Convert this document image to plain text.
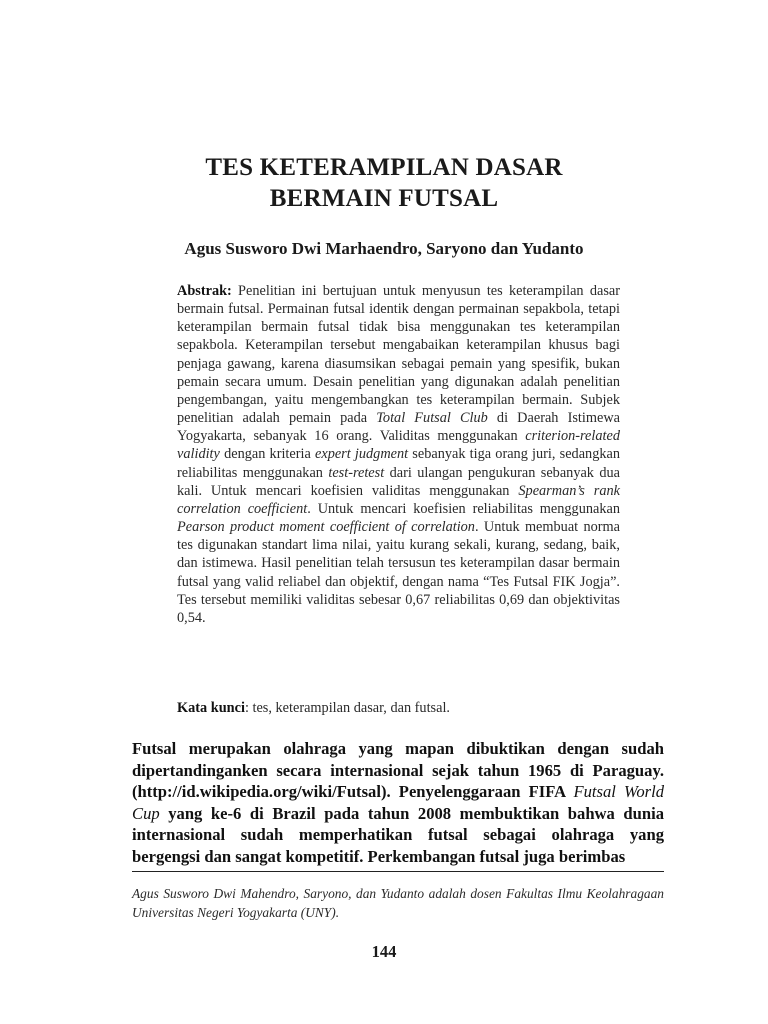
TES KETERAMPILAN DASAR
BERMAIN FUTSAL
Agus Susworo Dwi Marhaendro, Saryono dan Yudanto
Abstrak: Penelitian ini bertujuan untuk menyusun tes keterampilan dasar bermain futsal. Permainan futsal identik dengan permainan sepakbola, tetapi keterampilan bermain futsal tidak bisa menggunakan tes keterampilan sepakbola. Keterampilan tersebut mengabaikan keterampilan khusus bagi penjaga gawang, karena diasumsikan sebagai pemain yang spesifik, bukan pemain secara umum. Desain penelitian yang digunakan adalah penelitian pengembangan, yaitu mengembangkan tes keterampilan bermain. Subjek penelitian adalah pemain pada Total Futsal Club di Daerah Istimewa Yogyakarta, sebanyak 16 orang. Validitas menggunakan criterion-related validity dengan kriteria expert judgment sebanyak tiga orang juri, sedangkan reliabilitas menggunakan test-retest dari ulangan pengukuran sebanyak dua kali. Untuk mencari koefisien validitas menggunakan Spearman’s rank correlation coefficient. Untuk mencari koefisien reliabilitas menggunakan Pearson product moment coefficient of correlation. Untuk membuat norma tes digunakan standart lima nilai, yaitu kurang sekali, kurang, sedang, baik, dan istimewa. Hasil penelitian telah tersusun tes keterampilan dasar bermain futsal yang valid reliabel dan objektif, dengan nama “Tes Futsal FIK Jogja”. Tes tersebut memiliki validitas sebesar 0,67 reliabilitas 0,69 dan objektivitas 0,54.
Kata kunci: tes, keterampilan dasar, dan futsal.
Futsal merupakan olahraga yang mapan dibuktikan dengan sudah dipertandinganken secara internasional sejak tahun 1965 di Paraguay. (http://id.wikipedia.org/wiki/Futsal). Penyelenggaraan FIFA Futsal World Cup yang ke-6 di Brazil pada tahun 2008 membuktikan bahwa dunia internasional sudah memperhatikan futsal sebagai olahraga yang bergengsi dan sangat kompetitif. Perkembangan futsal juga berimbas
Agus Susworo Dwi Mahendro, Saryono, dan Yudanto adalah dosen Fakultas Ilmu Keolahragaan Universitas Negeri Yogyakarta (UNY).
144
